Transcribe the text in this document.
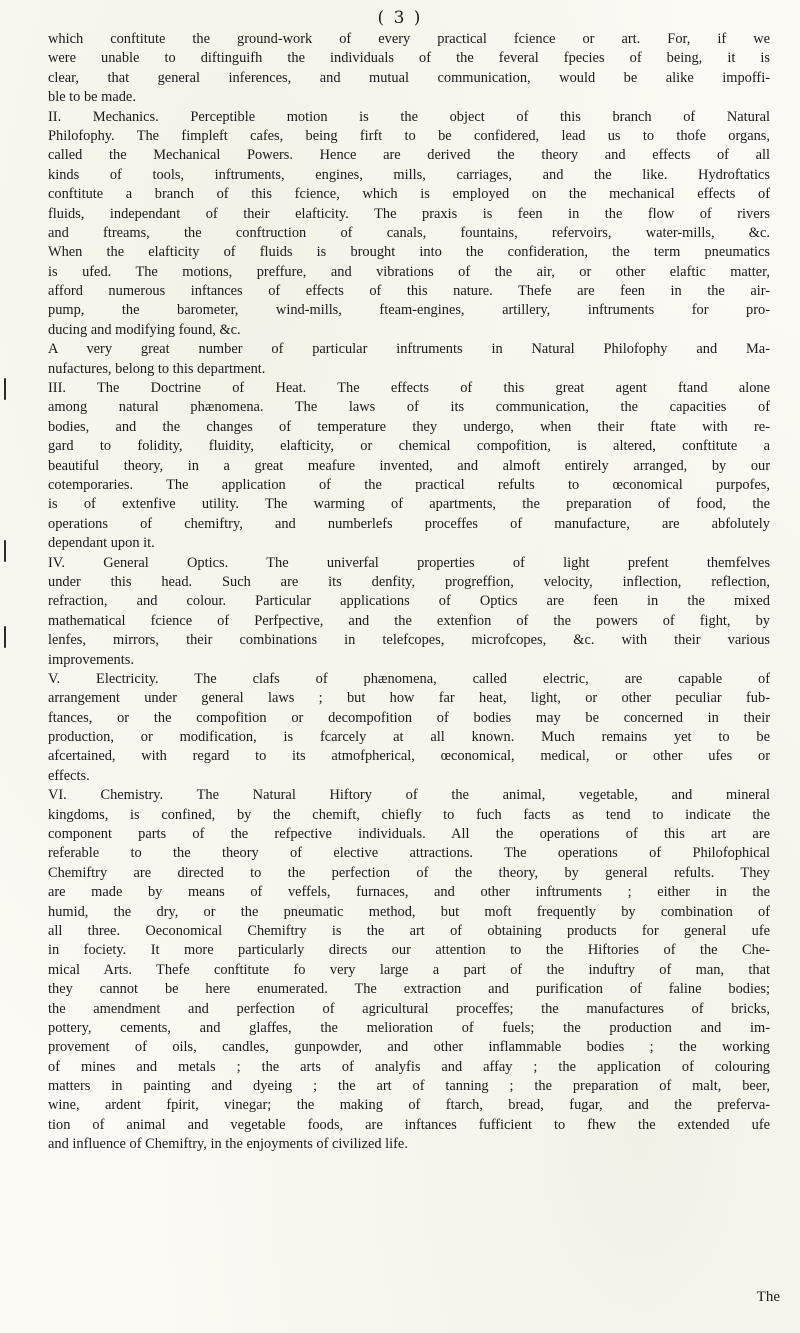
( 3 )
which conftitute the ground-work of every practical fcience or art. For, if we
were unable to diftinguifh the individuals of the feveral fpecies of being, it is
clear, that general inferences, and mutual communication, would be alike impoffi-
ble to be made.
II. Mechanics. Perceptible motion is the object of this branch of Natural
Philofophy. The fimpleft cafes, being firft to be confidered, lead us to thofe organs,
called the Mechanical Powers. Hence are derived the theory and effects of all
kinds of tools, inftruments, engines, mills, carriages, and the like. Hydroftatics
conftitute a branch of this fcience, which is employed on the mechanical effects of
fluids, independant of their elafticity. The praxis is feen in the flow of rivers
and ftreams, the conftruction of canals, fountains, refervoirs, water-mills, &c.
When the elafticity of fluids is brought into the confideration, the term pneumatics
is ufed. The motions, preffure, and vibrations of the air, or other elaftic matter,
afford numerous inftances of effects of this nature. Thefe are feen in the air-
pump, the barometer, wind-mills, fteam-engines, artillery, inftruments for pro-
ducing and modifying found, &c.
A very great number of particular inftruments in Natural Philofophy and Ma-
nufactures, belong to this department.
III. The Doctrine of Heat. The effects of this great agent ftand alone
among natural phænomena. The laws of its communication, the capacities of
bodies, and the changes of temperature they undergo, when their ftate with re-
gard to folidity, fluidity, elafticity, or chemical compofition, is altered, conftitute a
beautiful theory, in a great meafure invented, and almoft entirely arranged, by our
cotemporaries. The application of the practical refults to œconomical purpofes,
is of extenfive utility. The warming of apartments, the preparation of food, the
operations of chemiftry, and numberlefs proceffes of manufacture, are abfolutely
dependant upon it.
IV. General Optics. The univerfal properties of light prefent themfelves
under this head. Such are its denfity, progreffion, velocity, inflection, reflection,
refraction, and colour. Particular applications of Optics are feen in the mixed
mathematical fcience of Perfpective, and the extenfion of the powers of fight, by
lenfes, mirrors, their combinations in telefcopes, microfcopes, &c. with their various
improvements.
V. Electricity. The clafs of phænomena, called electric, are capable of
arrangement under general laws ; but how far heat, light, or other peculiar fub-
ftances, or the compofition or decompofition of bodies may be concerned in their
production, or modification, is fcarcely at all known. Much remains yet to be
afcertained, with regard to its atmofpherical, œconomical, medical, or other ufes or
effects.
VI. Chemistry. The Natural Hiftory of the animal, vegetable, and mineral
kingdoms, is confined, by the chemift, chiefly to fuch facts as tend to indicate the
component parts of the refpective individuals. All the operations of this art are
referable to the theory of elective attractions. The operations of Philofophical
Chemiftry are directed to the perfection of the theory, by general refults. They
are made by means of veffels, furnaces, and other inftruments ; either in the
humid, the dry, or the pneumatic method, but moft frequently by combination of
all three. Oeconomical Chemiftry is the art of obtaining products for general ufe
in fociety. It more particularly directs our attention to the Hiftories of the Che-
mical Arts. Thefe conftitute fo very large a part of the induftry of man, that
they cannot be here enumerated. The extraction and purification of faline bodies;
the amendment and perfection of agricultural proceffes; the manufactures of bricks,
pottery, cements, and glaffes, the melioration of fuels; the production and im-
provement of oils, candles, gunpowder, and other inflammable bodies ; the working
of mines and metals ; the arts of analyfis and affay ; the application of colouring
matters in painting and dyeing ; the art of tanning ; the preparation of malt, beer,
wine, ardent fpirit, vinegar; the making of ftarch, bread, fugar, and the preferva-
tion of animal and vegetable foods, are inftances fufficient to fhew the extended ufe
and influence of Chemiftry, in the enjoyments of civilized life.
The
